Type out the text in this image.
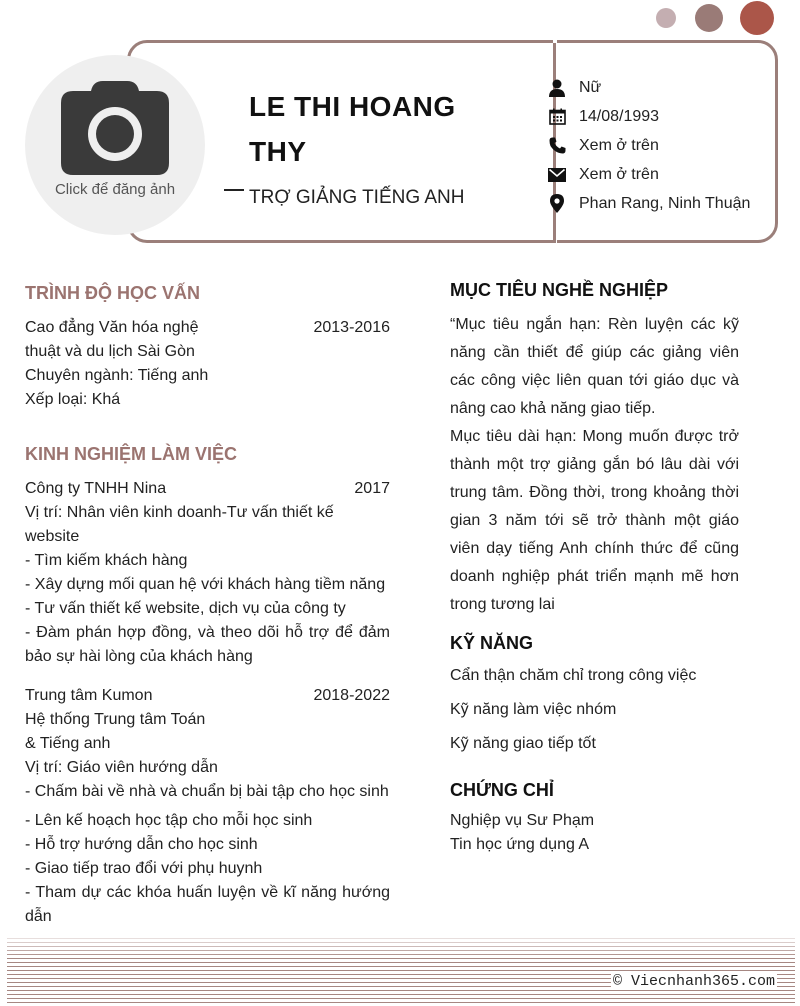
Click để đăng ảnh
LE THI HOANG THY
TRỢ GIẢNG TIẾNG ANH
Nữ
14/08/1993
Xem ở trên
Xem ở trên
Phan Rang, Ninh Thuận
TRÌNH ĐỘ HỌC VẤN
Cao đẳng Văn hóa nghệ thuật và du lịch Sài Gòn
2013-2016
Chuyên ngành: Tiếng anh
Xếp loại: Khá
KINH NGHIỆM LÀM VIỆC
Công ty TNHH Nina	2017
Vị trí: Nhân viên kinh doanh-Tư vấn thiết kế website
- Tìm kiếm khách hàng
- Xây dựng mối quan hệ với khách hàng tiềm năng
- Tư vấn thiết kế website, dịch vụ của công ty
- Đàm phán hợp đồng, và theo dõi hỗ trợ để đảm bảo sự hài lòng của khách hàng
Trung tâm Kumon	2018-2022
Hệ thống Trung tâm Toán
& Tiếng anh
Vị trí: Giáo viên hướng dẫn
- Chấm bài về nhà và chuẩn bị bài tập cho học sinh
- Lên kế hoạch học tập cho mỗi học sinh
- Hỗ trợ hướng dẫn cho học sinh
- Giao tiếp trao đổi với phụ huynh
- Tham dự các khóa huấn luyện về kĩ năng hướng dẫn
MỤC TIÊU NGHỀ NGHIỆP
“Mục tiêu ngắn hạn: Rèn luyện các kỹ năng cần thiết để giúp các giảng viên các công việc liên quan tới giáo dục và nâng cao khả năng giao tiếp.
Mục tiêu dài hạn: Mong muốn được trở thành một trợ giảng gắn bó lâu dài với trung tâm. Đồng thời, trong khoảng thời gian 3 năm tới sẽ trở thành một giáo viên dạy tiếng Anh chính thức để cũng doanh nghiệp phát triển mạnh mẽ hơn trong tương lai
KỸ NĂNG
Cẩn thận chăm chỉ trong công việc
Kỹ năng làm việc nhóm
Kỹ năng giao tiếp tốt
CHỨNG CHỈ
Nghiệp vụ Sư Phạm
Tin học ứng dụng A
© Viecnhanh365.com
